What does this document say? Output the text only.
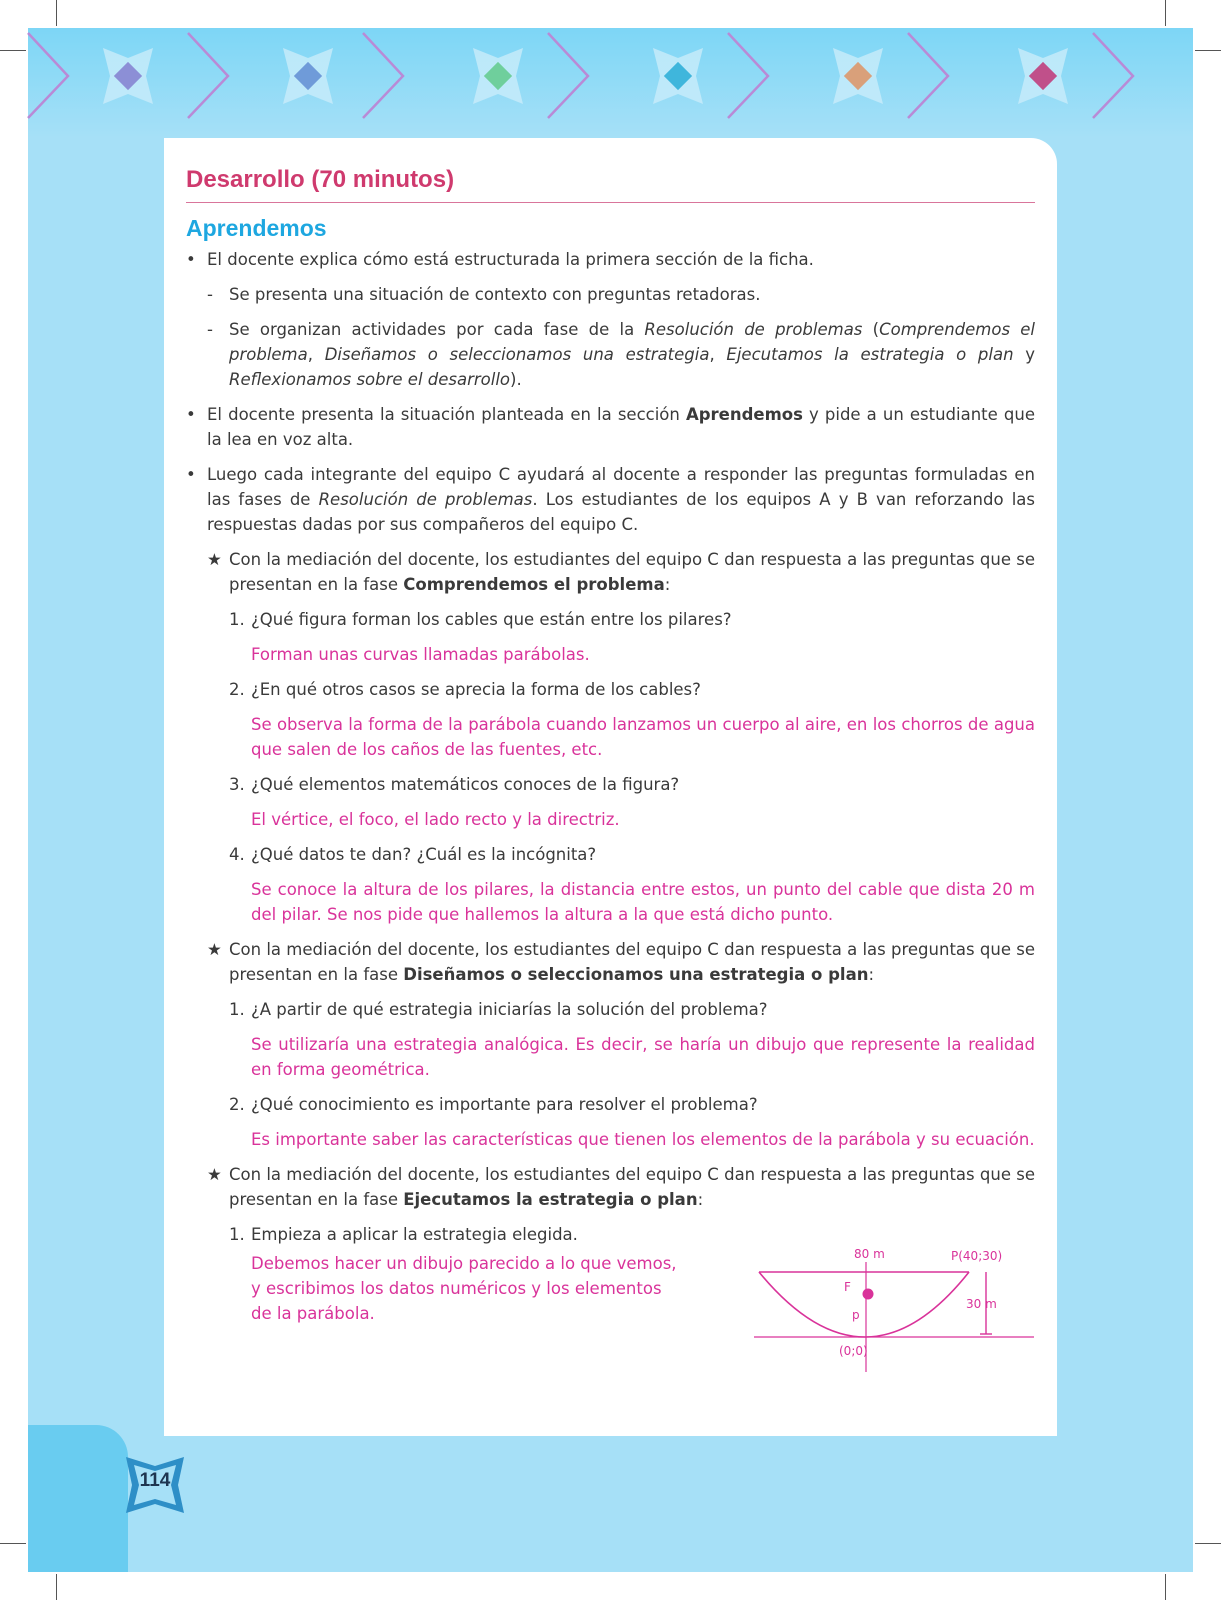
Desarrollo (70 minutos)
Aprendemos
• El docente explica cómo está estructurada la primera sección de la ficha.
- Se presenta una situación de contexto con preguntas retadoras.
- Se organizan actividades por cada fase de la Resolución de problemas (Comprendemos el problema, Diseñamos o seleccionamos una estrategia, Ejecutamos la estrategia o plan y Reflexionamos sobre el desarrollo).
• El docente presenta la situación planteada en la sección Aprendemos y pide a un estudiante que la lea en voz alta.
• Luego cada integrante del equipo C ayudará al docente a responder las preguntas formuladas en las fases de Resolución de problemas. Los estudiantes de los equipos A y B van reforzando las respuestas dadas por sus compañeros del equipo C.
★ Con la mediación del docente, los estudiantes del equipo C dan respuesta a las preguntas que se presentan en la fase Comprendemos el problema:
1. ¿Qué figura forman los cables que están entre los pilares?

Forman unas curvas llamadas parábolas.

2. ¿En qué otros casos se aprecia la forma de los cables?

Se observa la forma de la parábola cuando lanzamos un cuerpo al aire, en los chorros de agua que salen de los caños de las fuentes, etc.

3. ¿Qué elementos matemáticos conoces de la figura?

El vértice, el foco, el lado recto y la directriz.

4. ¿Qué datos te dan? ¿Cuál es la incógnita?

Se conoce la altura de los pilares, la distancia entre estos, un punto del cable que dista 20 m del pilar. Se nos pide que hallemos la altura a la que está dicho punto.

★ Con la mediación del docente, los estudiantes del equipo C dan respuesta a las preguntas que se presentan en la fase Diseñamos o seleccionamos una estrategia o plan:
1. ¿A partir de qué estrategia iniciarías la solución del problema?

Se utilizaría una estrategia analógica. Es decir, se haría un dibujo que represente la realidad en forma geométrica.

2. ¿Qué conocimiento es importante para resolver el problema?

Es importante saber las características que tienen los elementos de la parábola y su ecuación.

★ Con la mediación del docente, los estudiantes del equipo C dan respuesta a las preguntas que se presentan en la fase Ejecutamos la estrategia o plan:
1. Empieza a aplicar la estrategia elegida.

Debemos hacer un dibujo parecido a lo que vemos, y escribimos los datos numéricos y los elementos de la parábola.

80 m	P(40;30)
F
p
30 m
(0;0)
114
